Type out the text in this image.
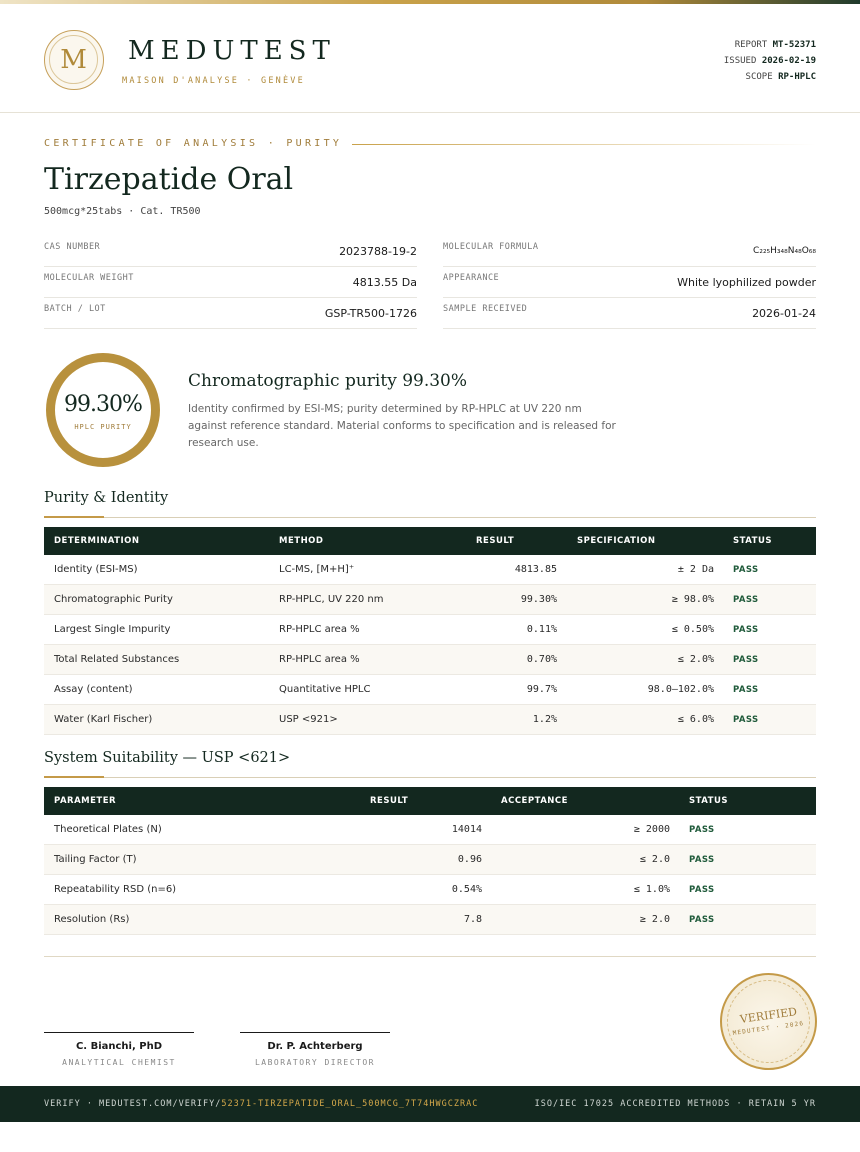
M	MEDUTEST
MAISON D'ANALYSE · GENÈVE
REPORT MT-52371
ISSUED 2026-02-19
SCOPE RP-HPLC
CERTIFICATE OF ANALYSIS · PURITY
Tirzepatide Oral
500mcg*25tabs · Cat. TR500
CAS NUMBER	2023788-19-2
MOLECULAR WEIGHT	4813.55 Da
BATCH / LOT	GSP-TR500-1726
MOLECULAR FORMULA	C₂₂₅H₃₄₈N₄₈O₆₈
APPEARANCE	White lyophilized powder
SAMPLE RECEIVED	2026-01-24
99.30%
HPLC PURITY
Chromatographic purity 99.30%
Identity confirmed by ESI-MS; purity determined by RP-HPLC at UV 220 nm against reference standard. Material conforms to specification and is released for research use.
Purity & Identity
DETERMINATION	METHOD	RESULT	SPECIFICATION	STATUS
Identity (ESI-MS)	LC-MS, [M+H]⁺	4813.85	± 2 Da PASS
Chromatographic Purity	RP-HPLC, UV 220 nm	99.30%	≥ 98.0% PASS
Largest Single Impurity	RP-HPLC area %	0.11%	≤ 0.50% PASS
Total Related Substances	RP-HPLC area %	0.70%	≤ 2.0% PASS
Assay (content)	Quantitative HPLC	99.7%	98.0–102.0% PASS
Water (Karl Fischer)	USP <921>	1.2%	≤ 6.0% PASS
System Suitability — USP <621>
PARAMETER	RESULT	ACCEPTANCE	STATUS
Theoretical Plates (N)	14014	≥ 2000 PASS
Tailing Factor (T)	0.96	≤ 2.0 PASS
Repeatability RSD (n=6)	0.54%	≤ 1.0% PASS
Resolution (Rs)	7.8	≥ 2.0 PASS
C. Bianchi, PhD
ANALYTICAL CHEMIST
Dr. P. Achterberg
LABORATORY DIRECTOR
VERIFIED
MEDUTEST · 2026
VERIFY · MEDUTEST.COM/VERIFY/52371-TIRZEPATIDE_ORAL_500MCG_7T74HWGCZRAC	ISO/IEC 17025 ACCREDITED METHODS · RETAIN 5 YR
